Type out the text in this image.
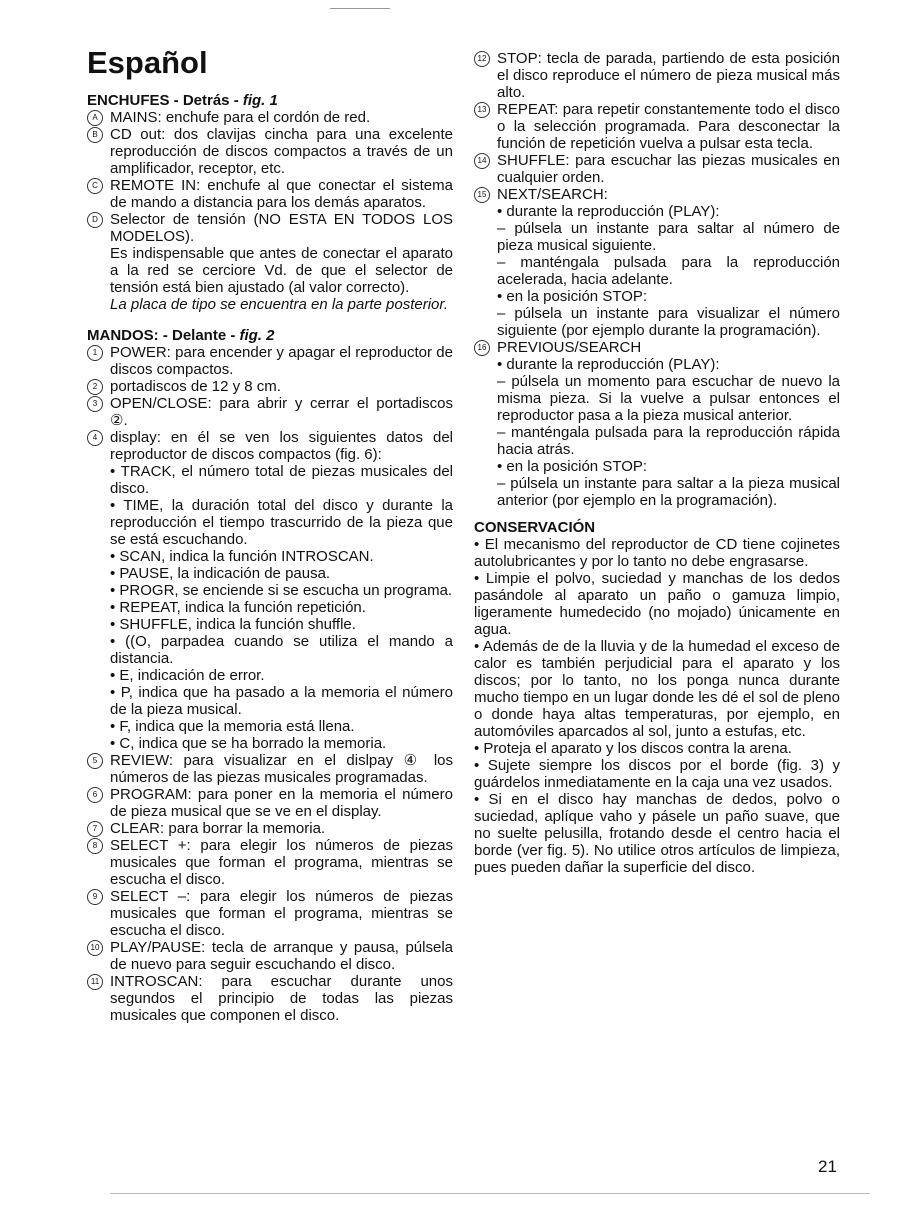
Español
ENCHUFES - Detrás - fig. 1
A MAINS: enchufe para el cordón de red.
B CD out: dos clavijas cincha para una excelente reproducción de discos compactos a través de un amplificador, receptor, etc.
C REMOTE IN: enchufe al que conectar el sistema de mando a distancia para los demás aparatos.
D Selector de tensión (NO ESTA EN TODOS LOS MODELOS).
Es indispensable que antes de conectar el aparato a la red se cerciore Vd. de que el selector de tensión está bien ajustado (al valor correcto).
La placa de tipo se encuentra en la parte posterior.
MANDOS: - Delante - fig. 2
1 POWER: para encender y apagar el reproductor de discos compactos.
2 portadiscos de 12 y 8 cm.
3 OPEN/CLOSE: para abrir y cerrar el portadiscos ②.
4 display: en él se ven los siguientes datos del reproductor de discos compactos (fig. 6):
• TRACK, el número total de piezas musicales del disco.
• TIME, la duración total del disco y durante la reproducción el tiempo trascurrido de la pieza que se está escuchando.
• SCAN, indica la función INTROSCAN.
• PAUSE, la indicación de pausa.
• PROGR, se enciende si se escucha un programa.
• REPEAT, indica la función repetición.
• SHUFFLE, indica la función shuffle.
• ((O, parpadea cuando se utiliza el mando a distancia.
• E, indicación de error.
• P, indica que ha pasado a la memoria el número de la pieza musical.
• F, indica que la memoria está llena.
• C, indica que se ha borrado la memoria.
5 REVIEW: para visualizar en el dislpay ④ los números de las piezas musicales programadas.
6 PROGRAM: para poner en la memoria el número de pieza musical que se ve en el display.
7 CLEAR: para borrar la memoria.
8 SELECT +: para elegir los números de piezas musicales que forman el programa, mientras se escucha el disco.
9 SELECT –: para elegir los números de piezas musicales que forman el programa, mientras se escucha el disco.
10 PLAY/PAUSE: tecla de arranque y pausa, púlsela de nuevo para seguir escuchando el disco.
11 INTROSCAN: para escuchar durante unos segundos el principio de todas las piezas musicales que componen el disco.
12 STOP: tecla de parada, partiendo de esta posición el disco reproduce el número de pieza musical más alto.
13 REPEAT: para repetir constantemente todo el disco o la selección programada. Para desconectar la función de repetición vuelva a pulsar esta tecla.
14 SHUFFLE: para escuchar las piezas musicales en cualquier orden.
15 NEXT/SEARCH:
• durante la reproducción (PLAY):
– púlsela un instante para saltar al número de pieza musical siguiente.
– manténgala pulsada para la reproducción acelerada, hacia adelante.
• en la posición STOP:
– púlsela un instante para visualizar el número siguiente (por ejemplo durante la programación).
16 PREVIOUS/SEARCH
• durante la reproducción (PLAY):
– púlsela un momento para escuchar de nuevo la misma pieza. Si la vuelve a pulsar entonces el reproductor pasa a la pieza musical anterior.
– manténgala pulsada para la reproducción rápida hacia atrás.
• en la posición STOP:
– púlsela un instante para saltar a la pieza musical anterior (por ejemplo en la programación).
CONSERVACIÓN
• El mecanismo del reproductor de CD tiene cojinetes autolubricantes y por lo tanto no debe engrasarse.
• Limpie el polvo, suciedad y manchas de los dedos pasándole al aparato un paño o gamuza limpio, ligeramente humedecido (no mojado) únicamente en agua.
• Además de de la lluvia y de la humedad el exceso de calor es también perjudicial para el aparato y los discos; por lo tanto, no los ponga nunca durante mucho tiempo en un lugar donde les dé el sol de pleno o donde haya altas temperaturas, por ejemplo, en automóviles aparcados al sol, junto a estufas, etc.
• Proteja el aparato y los discos contra la arena.
• Sujete siempre los discos por el borde (fig. 3) y guárdelos inmediatamente en la caja una vez usados.
• Si en el disco hay manchas de dedos, polvo o suciedad, aplíque vaho y pásele un paño suave, que no suelte pelusilla, frotando desde el centro hacia el borde (ver fig. 5). No utilice otros artículos de limpieza, pues pueden dañar la superficie del disco.
21
